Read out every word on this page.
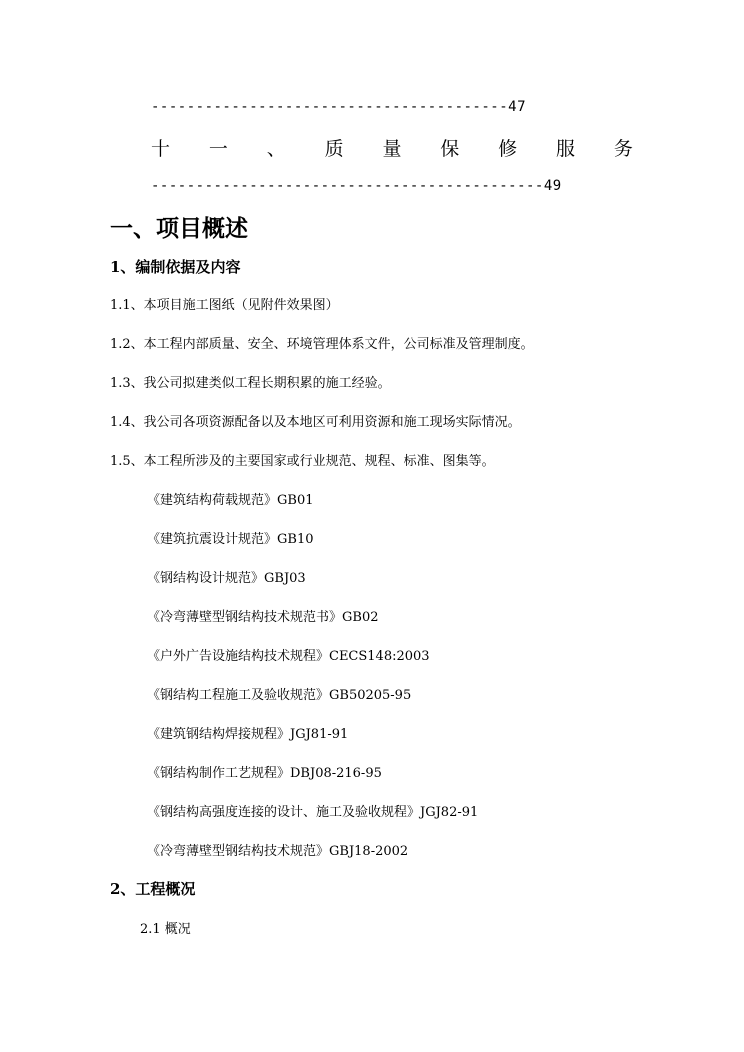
----------------------------------------47
十 一 、 质 量 保 修 服 务
--------------------------------------------49
一、项目概述
1、编制依据及内容
1.1、本项目施工图纸（见附件效果图）
1.2、本工程内部质量、安全、环境管理体系文件，公司标准及管理制度。
1.3、我公司拟建类似工程长期积累的施工经验。
1.4、我公司各项资源配备以及本地区可利用资源和施工现场实际情况。
1.5、本工程所涉及的主要国家或行业规范、规程、标准、图集等。
《建筑结构荷载规范》GB01
《建筑抗震设计规范》GB10
《钢结构设计规范》GBJ03
《冷弯薄壁型钢结构技术规范书》GB02
《户外广告设施结构技术规程》CECS148:2003
《钢结构工程施工及验收规范》GB50205-95
《建筑钢结构焊接规程》JGJ81-91
《钢结构制作工艺规程》DBJ08-216-95
《钢结构高强度连接的设计、施工及验收规程》JGJ82-91
《冷弯薄壁型钢结构技术规范》GBJ18-2002
2、工程概况
2.1 概况
